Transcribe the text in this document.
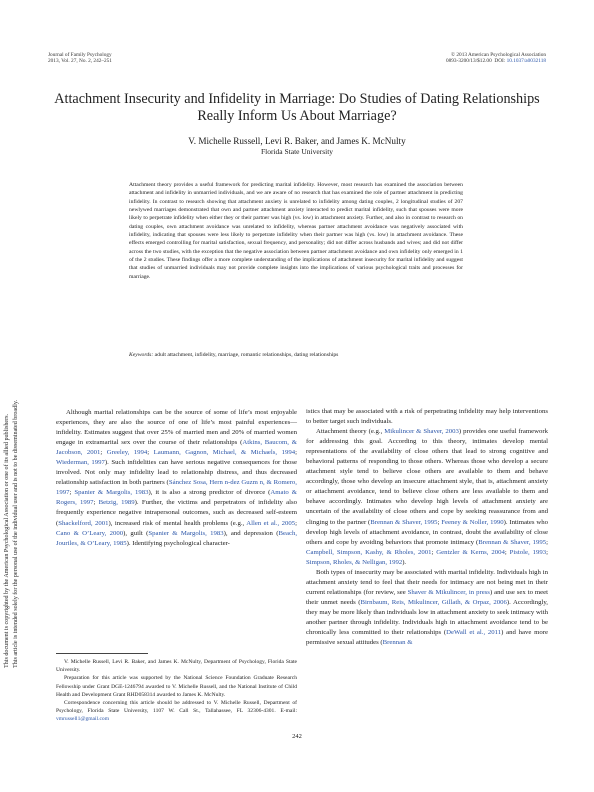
Journal of Family Psychology
2013, Vol. 27, No. 2, 242–251
© 2013 American Psychological Association
0893-3200/13/$12.00 DOI: 10.1037/a0032118
This document is copyrighted by the American Psychological Association or one of its allied publishers. This article is intended solely for the personal use of the individual user and is not to be disseminated broadly.
Attachment Insecurity and Infidelity in Marriage: Do Studies of Dating Relationships Really Inform Us About Marriage?
V. Michelle Russell, Levi R. Baker, and James K. McNulty
Florida State University
Attachment theory provides a useful framework for predicting marital infidelity. However, most research has examined the association between attachment and infidelity in unmarried individuals, and we are aware of no research that has examined the role of partner attachment in predicting infidelity. In contrast to research showing that attachment anxiety is unrelated to infidelity among dating couples, 2 longitudinal studies of 207 newlywed marriages demonstrated that own and partner attachment anxiety interacted to predict marital infidelity, such that spouses were more likely to perpetrate infidelity when either they or their partner was high (vs. low) in attachment anxiety. Further, and also in contrast to research on dating couples, own attachment avoidance was unrelated to infidelity, whereas partner attachment avoidance was negatively associated with infidelity, indicating that spouses were less likely to perpetrate infidelity when their partner was high (vs. low) in attachment avoidance. These effects emerged controlling for marital satisfaction, sexual frequency, and personality; did not differ across husbands and wives; and did not differ across the two studies, with the exception that the negative association between partner attachment avoidance and own infidelity only emerged in 1 of the 2 studies. These findings offer a more complete understanding of the implications of attachment insecurity for marital infidelity and suggest that studies of unmarried individuals may not provide complete insights into the implications of various psychological traits and processes for marriage.
Keywords: adult attachment, infidelity, marriage, romantic relationships, dating relationships

Although marital relationships can be the source of some of life’s most enjoyable experiences, they are also the source of one of life’s most painful experiences—infidelity. Estimates suggest that over 25% of married men and 20% of married women engage in extramarital sex over the course of their relationships (Atkins, Baucom, & Jacobson, 2001; Greeley, 1994; Laumann, Gagnon, Michael, & Michaels, 1994; Wiederman, 1997). Such infidelities can have serious negative consequences for those involved. Not only may infidelity lead to relationship distress, and thus decreased relationship satisfaction in both partners (Sánchez Sosa, Hern n-dez Guzm n, & Romero, 1997; Spanier & Margolis, 1983), it is also a strong predictor of divorce (Amato & Rogers, 1997; Betzig, 1989). Further, the victims and perpetrators of infidelity also frequently experience negative intrapersonal outcomes, such as decreased self-esteem (Shackelford, 2001), increased risk of mental health problems (e.g., Allen et al., 2005; Cano & O’Leary, 2000), guilt (Spanier & Margolis, 1983), and depression (Beach, Jouriles, & O’Leary, 1985). Identifying psychological character-

V. Michelle Russell, Levi R. Baker, and James K. McNulty, Department of Psychology, Florida State University.

Preparation for this article was supported by the National Science Foundation Graduate Research Fellowship under Grant DGE-1246794 awarded to V. Michelle Russell, and the National Institute of Child Health and Development Grant RHD058314 awarded to James K. McNulty.

Correspondence concerning this article should be addressed to V. Michelle Russell, Department of Psychology, Florida State University, 1107 W. Call St., Tallahassee, FL 32306-4301. E-mail: vmrussell1@gmail.com

istics that may be associated with a risk of perpetrating infidelity may help interventions to better target such individuals.

Attachment theory (e.g., Mikulincer & Shaver, 2003) provides one useful framework for addressing this goal. According to this theory, intimates develop mental representations of the availability of close others that lead to strong cognitive and behavioral patterns of responding to those others. Whereas those who develop a secure attachment style tend to believe close others are available to them and behave accordingly, those who develop an insecure attachment style, that is, attachment anxiety or attachment avoidance, tend to believe close others are less available to them and behave accordingly. Intimates who develop high levels of attachment anxiety are uncertain of the availability of close others and cope by seeking reassurance from and clinging to the partner (Brennan & Shaver, 1995; Feeney & Noller, 1990). Intimates who develop high levels of attachment avoidance, in contrast, doubt the availability of close others and cope by avoiding behaviors that promote intimacy (Brennan & Shaver, 1995; Campbell, Simpson, Kashy, & Rholes, 2001; Gentzler & Kerns, 2004; Pistole, 1993; Simpson, Rholes, & Nelligan, 1992).

Both types of insecurity may be associated with marital infidelity. Individuals high in attachment anxiety tend to feel that their needs for intimacy are not being met in their current relationships (for review, see Shaver & Mikulincer, in press) and use sex to meet their unmet needs (Birnbaum, Reis, Mikulincer, Gillath, & Orpaz, 2006). Accordingly, they may be more likely than individuals low in attachment anxiety to seek intimacy with another partner through infidelity. Individuals high in attachment avoidance tend to be chronically less committed to their relationships (DeWall et al., 2011) and have more permissive sexual attitudes (Brennan &

242
